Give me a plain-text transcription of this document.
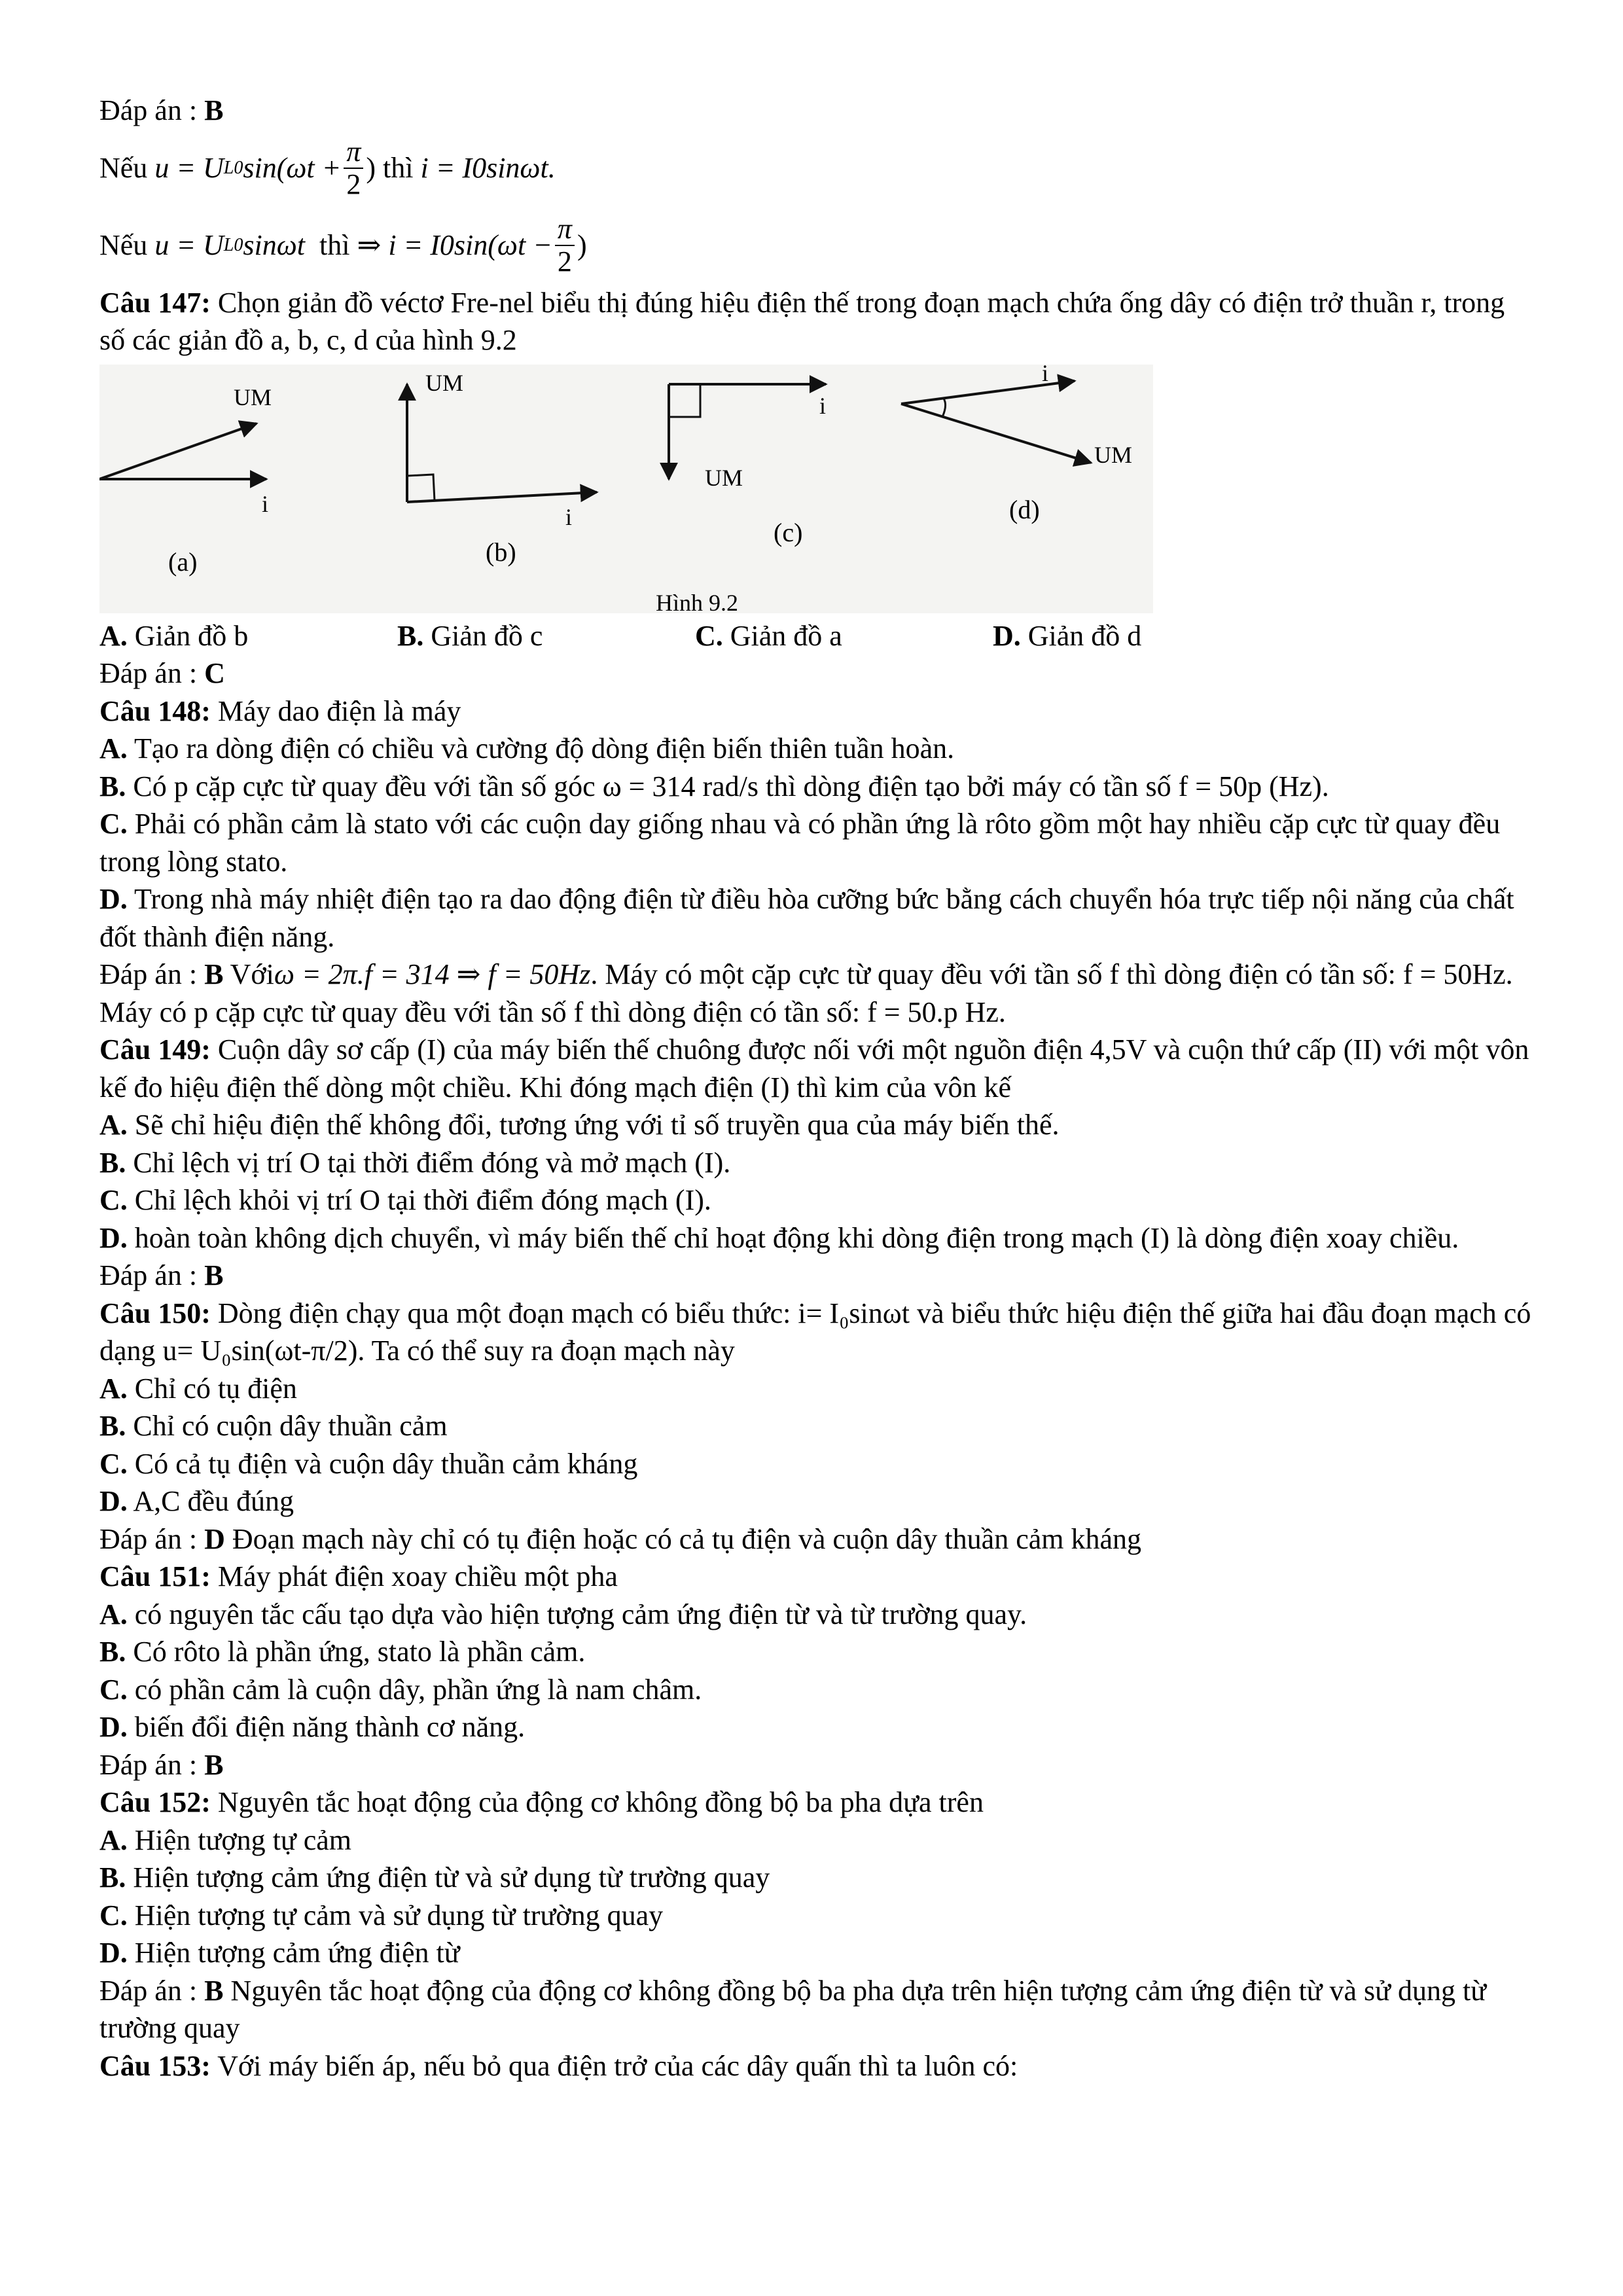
Đáp án : B
Nếu
u = U L0 $\sin(\omega t + \frac{\pi}{2}$ )
thì
i = I0sinωt.
Nếu
u = U L0 sinωt
thì ⇒
$i = I0\sin(\omega t - \frac{\pi}{2}$ )
Câu 147: Chọn giản đồ véctơ Fre-nel biểu thị đúng hiệu điện thế trong đoạn mạch chứa ống dây có điện trở thuần r, trong số các giản đồ a, b, c, d của hình 9.2
UM
i
(a)
UM
i
(b)
i
UM
(c)
i
UM
(d)
Hình 9.2
A. Giản đồ b	B. Giản đồ c	C. Giản đồ a	D. Giản đồ d
Đáp án : C
Câu 148: Máy dao điện là máy
A. Tạo ra dòng điện có chiều và cường độ dòng điện biến thiên tuần hoàn.
B. Có p cặp cực từ quay đều với tần số góc ω = 314 rad/s thì dòng điện tạo bởi máy có tần số f = 50p (Hz).
C. Phải có phần cảm là stato với các cuộn day giống nhau và có phần ứng là rôto gồm một hay nhiều cặp cực từ quay đều trong lòng stato.
D. Trong nhà máy nhiệt điện tạo ra dao động điện từ điều hòa cưỡng bức bằng cách chuyển hóa trực tiếp nội năng của chất đốt thành điện năng.
Đáp án : B Vớiω = 2π.f = 314 ⇒ f = 50Hz. Máy có một cặp cực từ quay đều với tần số f thì dòng điện có tần số: f = 50Hz. Máy có p cặp cực từ quay đều với tần số f thì dòng điện có tần số: f = 50.p Hz.
Câu 149: Cuộn dây sơ cấp (I) của máy biến thế chuông được nối với một nguồn điện 4,5V và cuộn thứ cấp (II) với một vôn kế đo hiệu điện thế dòng một chiều. Khi đóng mạch điện (I) thì kim của vôn kế
A. Sẽ chỉ hiệu điện thế không đổi, tương ứng với tỉ số truyền qua của máy biến thế.
B. Chỉ lệch vị trí O tại thời điểm đóng và mở mạch (I).
C. Chỉ lệch khỏi vị trí O tại thời điểm đóng mạch (I).
D. hoàn toàn không dịch chuyển, vì máy biến thế chỉ hoạt động khi dòng điện trong mạch (I) là dòng điện xoay chiều.
Đáp án : B
Câu 150: Dòng điện chạy qua một đoạn mạch có biểu thức: i= I₀sinωt và biểu thức hiệu điện thế giữa hai đầu đoạn mạch có dạng u= U₀sin(ωt-π/2). Ta có thể suy ra đoạn mạch này
A. Chỉ có tụ điện
B. Chỉ có cuộn dây thuần cảm
C. Có cả tụ điện và cuộn dây thuần cảm kháng
D. A,C đều đúng
Đáp án : D Đoạn mạch này chỉ có tụ điện hoặc có cả tụ điện và cuộn dây thuần cảm kháng
Câu 151: Máy phát điện xoay chiều một pha
A. có nguyên tắc cấu tạo dựa vào hiện tượng cảm ứng điện từ và từ trường quay.
B. Có rôto là phần ứng, stato là phần cảm.
C. có phần cảm là cuộn dây, phần ứng là nam châm.
D. biến đổi điện năng thành cơ năng.
Đáp án : B
Câu 152: Nguyên tắc hoạt động của động cơ không đồng bộ ba pha dựa trên
A. Hiện tượng tự cảm
B. Hiện tượng cảm ứng điện từ và sử dụng từ trường quay
C. Hiện tượng tự cảm và sử dụng từ trường quay
D. Hiện tượng cảm ứng điện từ
Đáp án : B Nguyên tắc hoạt động của động cơ không đồng bộ ba pha dựa trên hiện tượng cảm ứng điện từ và sử dụng từ trường quay
Câu 153: Với máy biến áp, nếu bỏ qua điện trở của các dây quấn thì ta luôn có:
